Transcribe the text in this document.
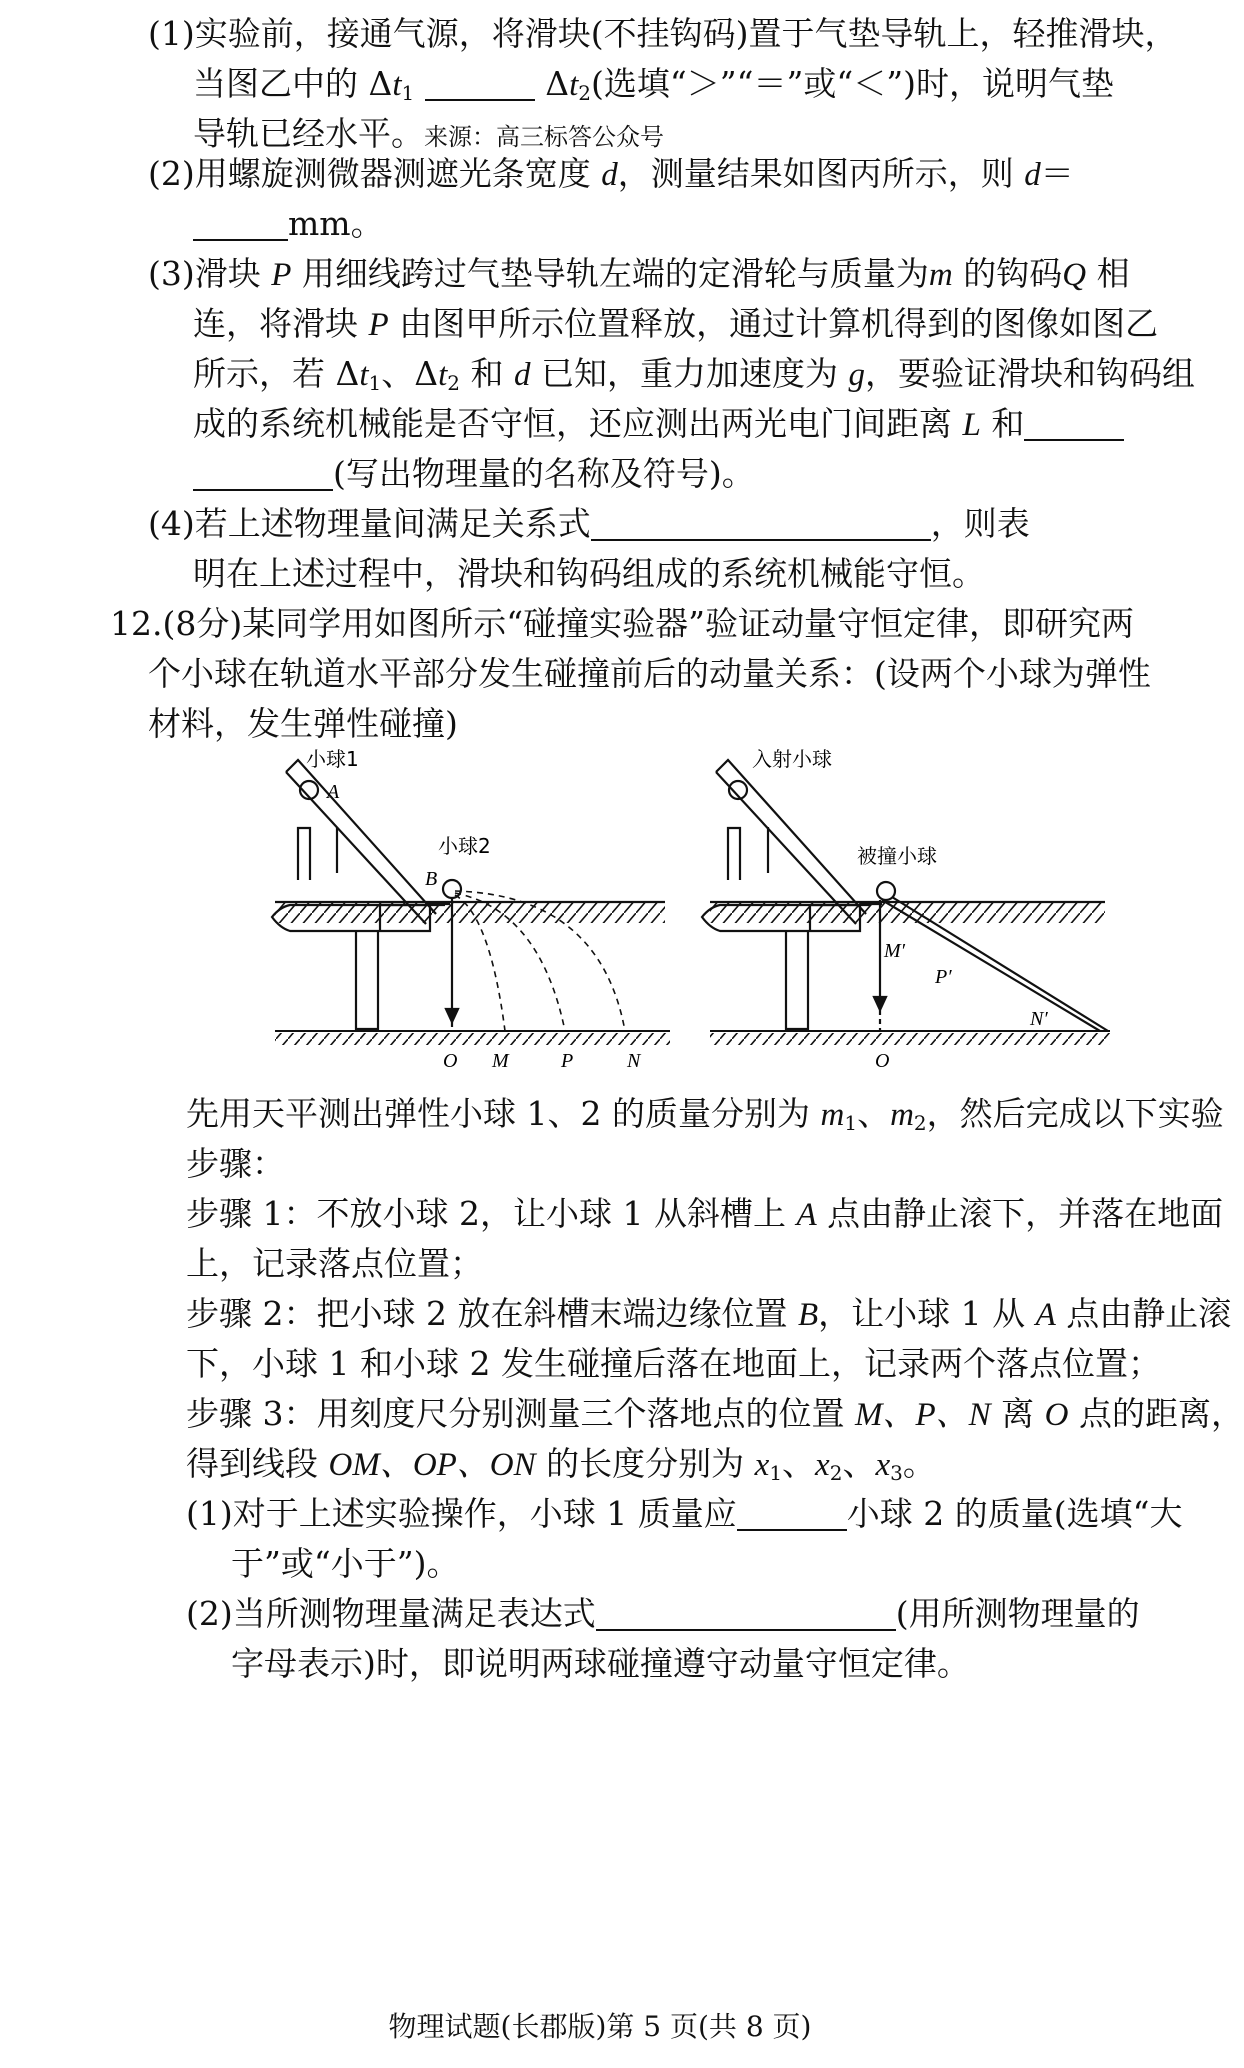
(1)实验前，接通气源，将滑块(不挂钩码)置于气垫导轨上，轻推滑块，
当图乙中的 $\Delta t_1$	$\Delta t_2$(选填“＞”“＝”或“＜”)时，说明气垫
导轨已经水平。来源：高三标答公众号
(2)用螺旋测微器测遮光条宽度 d，测量结果如图丙所示，则 d＝
mm。
(3)滑块 P 用细线跨过气垫导轨左端的定滑轮与质量为m 的钩码Q 相
连，将滑块 P 由图甲所示位置释放，通过计算机得到的图像如图乙
所示，若 $\Delta t_1$、$\Delta t_2$ 和 d 已知，重力加速度为 g，要验证滑块和钩码组
成的系统机械能是否守恒，还应测出两光电门间距离 L 和
(写出物理量的名称及符号)。
(4)若上述物理量间满足关系式	，则表
明在上述过程中，滑块和钩码组成的系统机械能守恒。
12.(8分)某同学用如图所示“碰撞实验器”验证动量守恒定律，即研究两
个小球在轨道水平部分发生碰撞前后的动量关系：(设两个小球为弹性
材料，发生弹性碰撞)
小球1
A
小球2
B
O M	P	N
入射小球
被撞小球
M′
P′
N′
O
先用天平测出弹性小球 1、2 的质量分别为 $m_1$、$m_2$，然后完成以下实验
步骤：
步骤 1：不放小球 2，让小球 1 从斜槽上 A 点由静止滚下，并落在地面
上，记录落点位置；
步骤 2：把小球 2 放在斜槽末端边缘位置 B，让小球 1 从 A 点由静止滚
下，小球 1 和小球 2 发生碰撞后落在地面上，记录两个落点位置；
步骤 3：用刻度尺分别测量三个落地点的位置 M、P、N 离 O 点的距离，
得到线段 OM、OP、ON 的长度分别为 $x_1$、$x_2$、$x_3$。
(1)对于上述实验操作，小球 1 质量应	小球 2 的质量(选填“大
于”或“小于”)。
(2)当所测物理量满足表达式	(用所测物理量的
字母表示)时，即说明两球碰撞遵守动量守恒定律。
物理试题(长郡版)第 5 页(共 8 页)
